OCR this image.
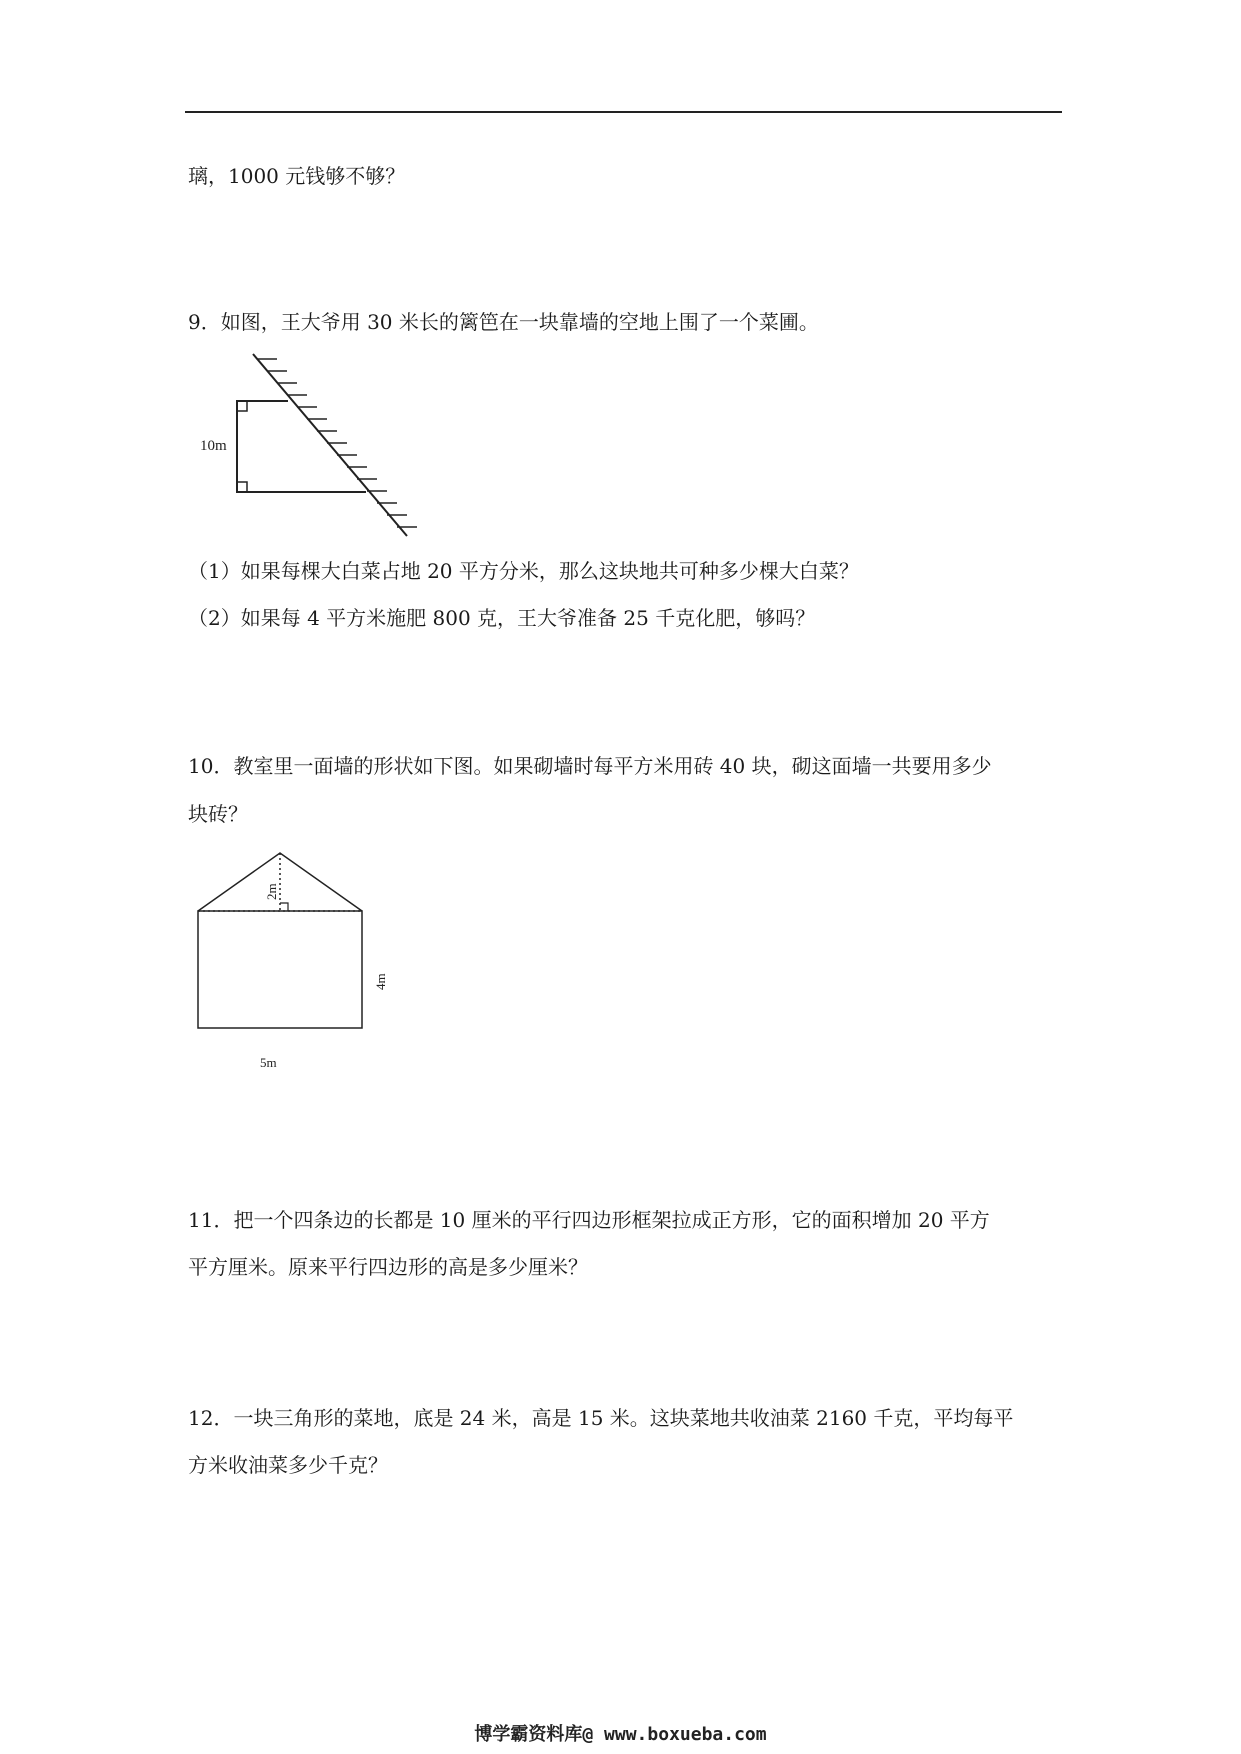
璃，1000 元钱够不够？
9．如图，王大爷用 30 米长的篱笆在一块靠墙的空地上围了一个菜圃。
10m
（1）如果每棵大白菜占地 20 平方分米，那么这块地共可种多少棵大白菜？
（2）如果每 4 平方米施肥 800 克，王大爷准备 25 千克化肥，够吗？
10．教室里一面墙的形状如下图。如果砌墙时每平方米用砖 40 块，砌这面墙一共要用多少
块砖？
2m
4m
5m
11．把一个四条边的长都是 10 厘米的平行四边形框架拉成正方形，它的面积增加 20 平方
平方厘米。原来平行四边形的高是多少厘米？
12．一块三角形的菜地，底是 24 米，高是 15 米。这块菜地共收油菜 2160 千克，平均每平
方米收油菜多少千克？
博学霸资料库@ www.boxueba.com
